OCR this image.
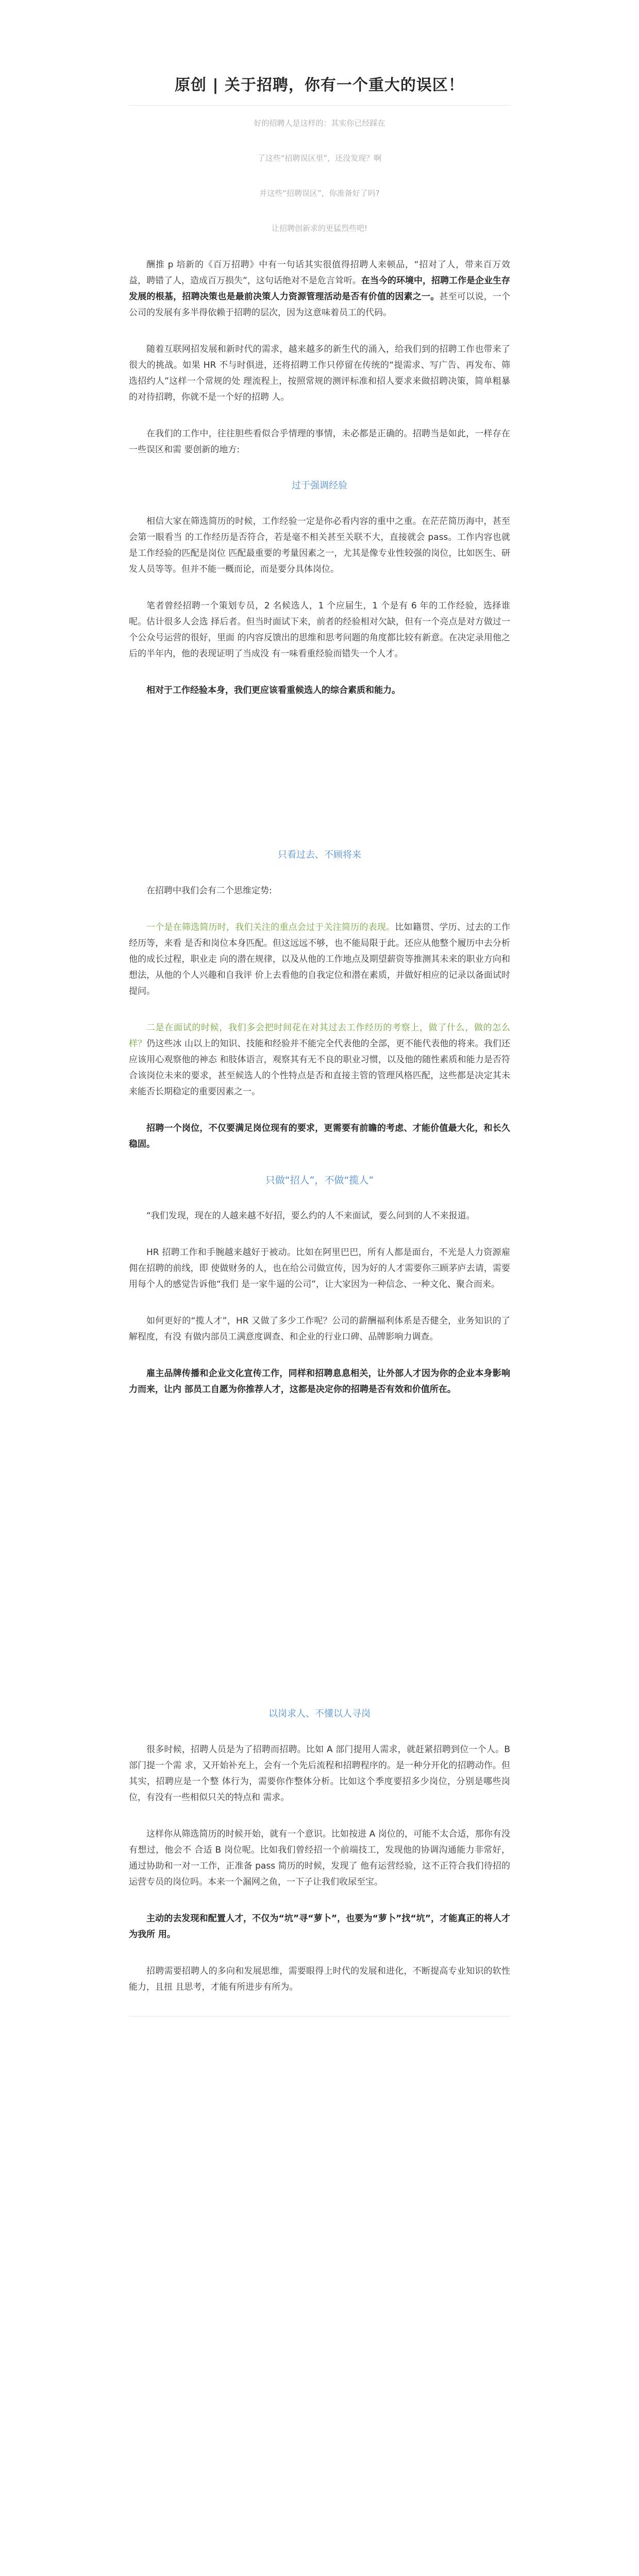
原创 | 关于招聘，你有一个重大的误区！

好的招聘人是这样的：其实你已经踩在

了这些“招聘误区里”，还没发现？啊

并这些“招聘误区”，你准备好了吗?

让招聘创新求的更猛烈些吧!

酬推 p 培新的《百万招聘》中有一句话其实很值得招聘人来顿品，“招对了人，带来百万效益，聘错了人，造成百万损失”，这句话绝对不是危言耸听。在当今的环境中，招聘工作是企业生存发展的根基，招聘决策也是最前决策人力资源管理活动是否有价值的因素之一。甚至可以说，一个公司的发展有多半得依赖于招聘的层次，因为这意味着员工的代码。

随着互联网招发展和新时代的需求，越来越多的新生代的涌入，给我们到的招聘工作也带来了很大的挑战。如果 HR 不与时俱进，还将招聘工作只停留在传统的“提需求、写广告、再发布、筛选招约人”这样一个常规的处 理流程上，按照常规的测评标准和招人要求来做招聘决策，简单粗暴的对待招聘，你就不是一个好的招聘 人。

在我们的工作中，往往胆些看似合乎情理的事情，未必都是正确的。招聘当是如此，一样存在一些误区和需 要创新的地方:

过于强调经验

相信大家在筛选简历的时候，工作经验一定是你必看内容的重中之重。在茫茫简历海中，甚至会第一眼看当 的工作经历是否符合，若是毫不相关甚至关联不大，直接就会 pass。工作内容也就是工作经验的匹配是岗位 匹配最重要的考量因素之一，尤其是像专业性较强的岗位，比如医生、研发人员等等。但并不能一概而论，而是要分具体岗位。

笔者曾经招聘一个策划专员，2 名候选人，1 个应届生，1 个是有 6 年的工作经验，选择谁呢。估计很多人会选 择后者。但当时面试下来，前者的经验相对欠缺，但有一个亮点是对方做过一个公众号运营的很好，里面 的内容反馈出的思维和思考问题的角度都比较有新意。在决定录用他之后的半年内，他的表现证明了当成没 有一味看重经验而错失一个人才。

相对于工作经验本身，我们更应该看重候选人的综合素质和能力。

只看过去、不顾将来

在招聘中我们会有二个思维定势:

一个是在筛选简历时，我们关注的重点会过于关注简历的表现。比如籍贯、学历、过去的工作经历等，来看 是否和岗位本身匹配。但这远远不够，也不能局限于此。还应从他整个履历中去分析他的成长过程，职业走 向的潜在规律，以及从他的工作地点及期望薪资等推测其未来的职业方向和想法，从他的个人兴趣和自我评 价上去看他的自我定位和潜在素质，并做好相应的记录以备面试时提问。

二是在面试的时候，我们多会把时间花在对其过去工作经历的考察上，做了什么，做的怎么样？仍这些冰 山以上的知识、技能和经验并不能完全代表他的全部，更不能代表他的将来。我们还应该用心观察他的神态 和肢体语言，观察其有无不良的职业习惯，以及他的随性素质和能力是否符合该岗位未来的要求，甚至候选人的个性特点是否和直接主管的管理风格匹配，这些都是决定其未来能否长期稳定的重要因素之一。

招聘一个岗位，不仅要满足岗位现有的要求，更需要有前瞻的考虑、才能价值最大化，和长久稳固。

只做“招人”，不做“揽人”

“我们发现，现在的人越来越不好招，要么约的人不来面试，要么问到的人不来报道。

HR 招聘工作和手腕越来越好于被动。比如在阿里巴巴，所有人都是面台，不光是人力资源雇佣在招聘的前线，即 使做财务的人，也在给公司做宣传，因为好的人才需要你三顾茅庐去请，需要用每个人的感觉告诉他“我们 是一家牛逼的公司”，让大家因为一种信念、一种文化、聚合而来。

如何更好的“揽人才”，HR 又做了多少工作呢？公司的薪酬福利体系是否健全，业务知识的了解程度，有没 有做内部员工满意度调查、和企业的行业口碑、品牌影响力调查。

雇主品牌传播和企业文化宣传工作，同样和招聘息息相关，让外部人才因为你的企业本身影响力而来，让内 部员工自愿为你推荐人才，这都是决定你的招聘是否有效和价值所在。

以岗求人、不懂以人寻岗

很多时候，招聘人员是为了招聘而招聘。比如 A 部门提用人需求，就赶紧招聘到位一个人。B 部门提一个需 求，又开始补充上，会有一个先后流程和招聘程序的。是一种分开化的招聘动作。但其实，招聘应是一个整 体行为，需要你作整体分析。比如这个季度要招多少岗位，分别是哪些岗位，有没有一些相似只关的特点和 需求。

这样你从筛选简历的时候开始，就有一个意识。比如按进 A 岗位的，可能不太合适，那你有没有想过，他会不 合适 B 岗位呢。比如我们曾经招一个前端技工，发现他的协调沟通能力非常好，通过协助和一对一工作，正准备 pass 简历的时候，发现了 他有运营经验，这不正符合我们待招的运营专员的岗位吗。本来一个漏网之鱼，一下子让我们收尿至宝。

主动的去发现和配置人才，不仅为“坑”寻“萝卜”，也要为“萝卜”找“坑”，才能真正的将人才为我所 用。

招聘需要招聘人的多向和发展思维，需要眼得上时代的发展和进化，不断提高专业知识的软性能力，且扭 且思考，才能有所进步有所为。
